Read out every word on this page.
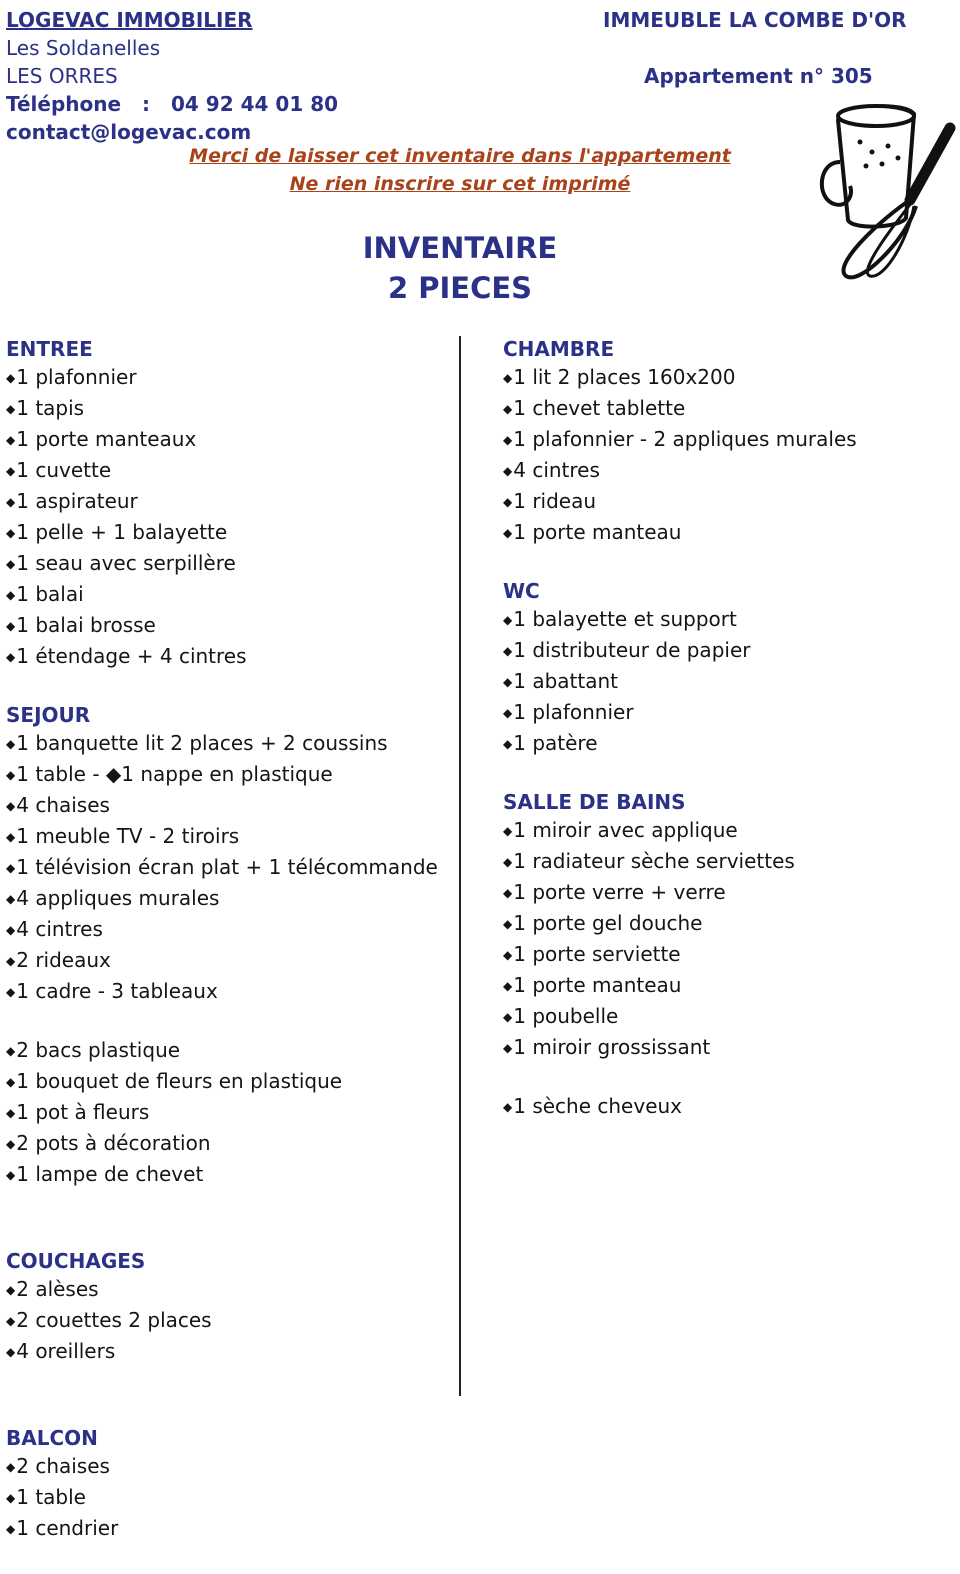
LOGEVAC IMMOBILIER
Les Soldanelles
LES ORRES
Téléphone : 04 92 44 01 80
contact@logevac.com
IMMEUBLE LA COMBE D'OR
Appartement n° 305
Merci de laisser cet inventaire dans l'appartement
Ne rien inscrire sur cet imprimé
INVENTAIRE
2 PIECES
ENTREE
◆1 plafonnier
◆1 tapis
◆1 porte manteaux
◆1 cuvette
◆1 aspirateur
◆1 pelle + 1 balayette
◆1 seau avec serpillère
◆1 balai
◆1 balai brosse
◆1 étendage + 4 cintres
SEJOUR
◆1 banquette lit 2 places + 2 coussins
◆1 table - ◆1 nappe en plastique
◆4 chaises
◆1 meuble TV - 2 tiroirs
◆1 télévision écran plat + 1 télécommande
◆4 appliques murales
◆4 cintres
◆2 rideaux
◆1 cadre - 3 tableaux
◆2 bacs plastique
◆1 bouquet de fleurs en plastique
◆1 pot à fleurs
◆2 pots à décoration
◆1 lampe de chevet
COUCHAGES
◆2 alèses
◆2 couettes 2 places
◆4 oreillers
BALCON
◆2 chaises
◆1 table
◆1 cendrier
CHAMBRE
◆1 lit 2 places 160x200
◆1 chevet tablette
◆1 plafonnier - 2 appliques murales
◆4 cintres
◆1 rideau
◆1 porte manteau
WC
◆1 balayette et support
◆1 distributeur de papier
◆1 abattant
◆1 plafonnier
◆1 patère
SALLE DE BAINS
◆1 miroir avec applique
◆1 radiateur sèche serviettes
◆1 porte verre + verre
◆1 porte gel douche
◆1 porte serviette
◆1 porte manteau
◆1 poubelle
◆1 miroir grossissant
◆1 sèche cheveux
